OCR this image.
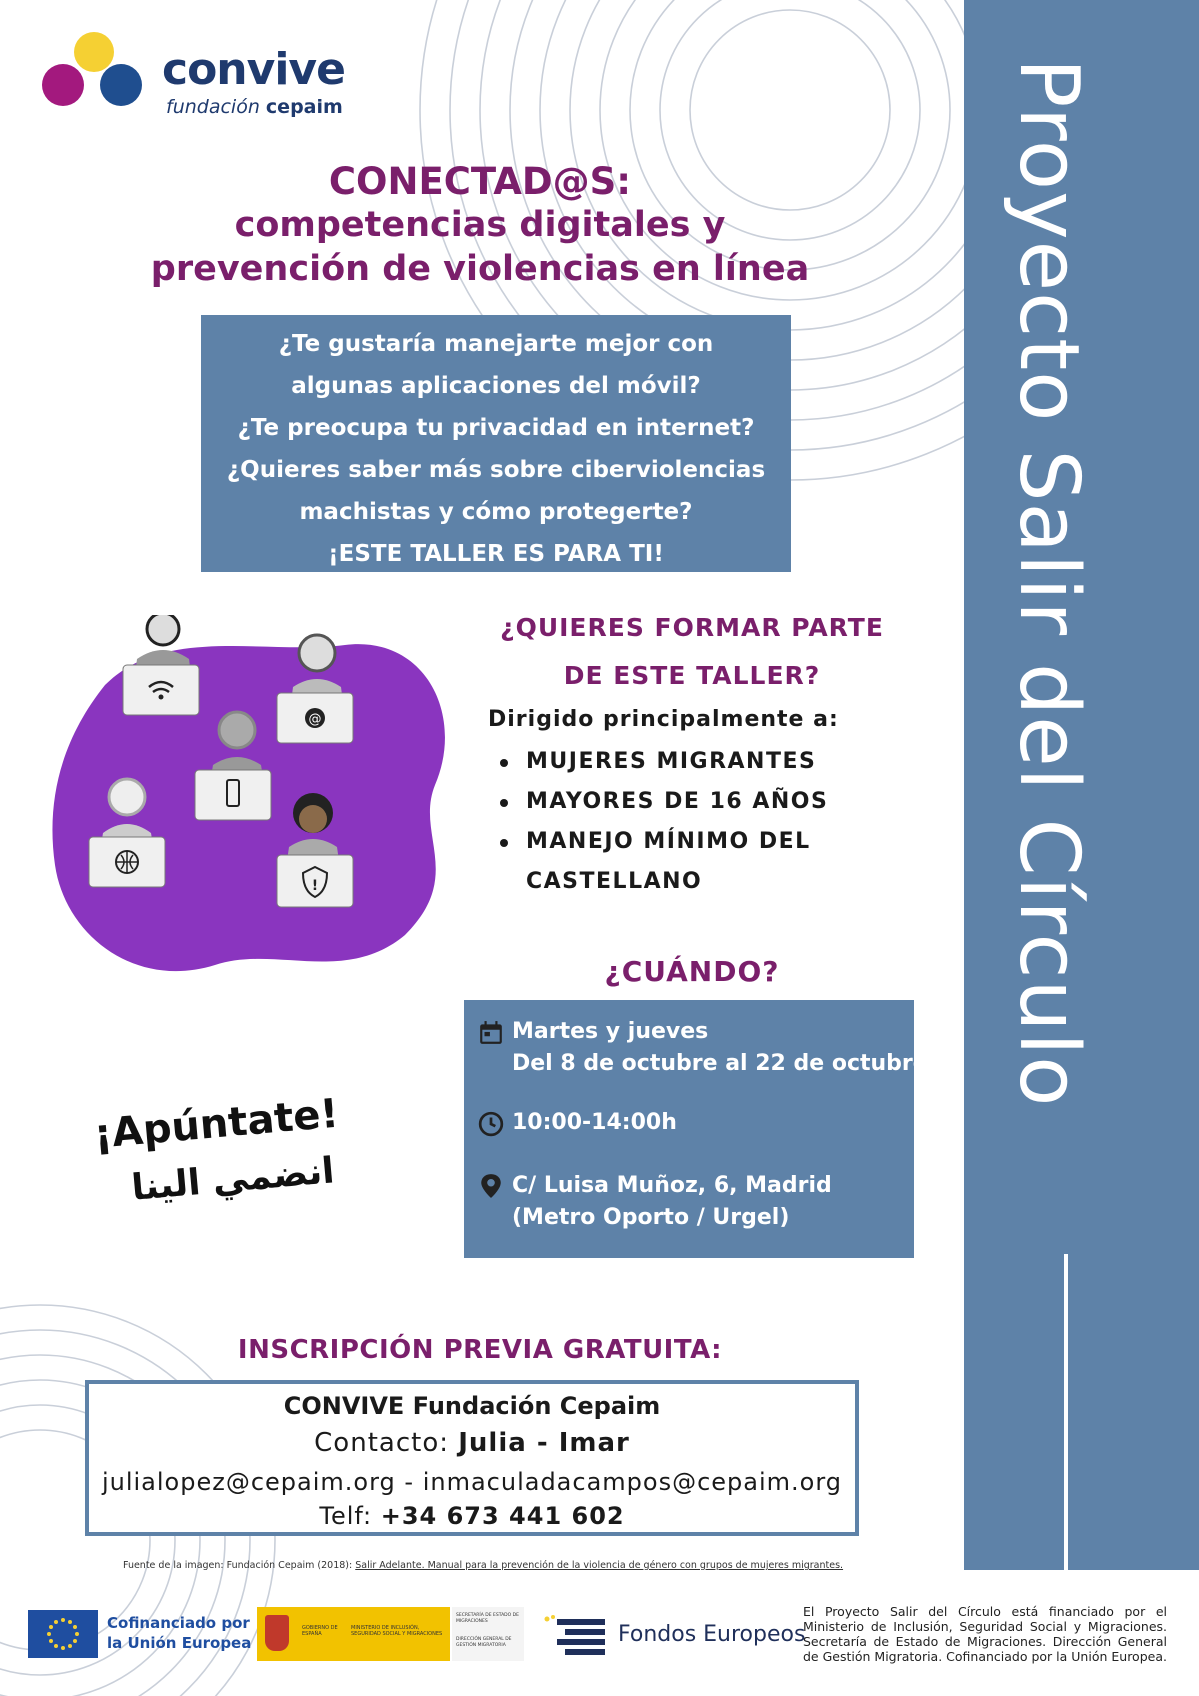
convive
fundación cepaim
CONECTAD@S:
competencias digitales y
prevención de violencias en línea
¿Te gustaría manejarte mejor con
algunas aplicaciones del móvil?
¿Te preocupa tu privacidad en internet?
¿Quieres saber más sobre ciberviolencias
machistas y cómo protegerte?
¡ESTE TALLER ES PARA TI!	Proyecto Salir del Círculo
@
!
¿QUIERES FORMAR PARTE
DE ESTE TALLER?
Dirigido principalmente a:
MUJERES MIGRANTES
MAYORES DE 16 AÑOS
MANEJO MÍNIMO DEL
CASTELLANO
¿CUÁNDO?
Martes y jueves
Del 8 de octubre al 22 de octubre
10:00-14:00h
C/ Luisa Muñoz, 6, Madrid
(Metro Oporto / Urgel)
¡Apúntate!
انضمي الينا
INSCRIPCIÓN PREVIA GRATUITA:
CONVIVE Fundación Cepaim
Contacto: Julia - Imar
julialopez@cepaim.org - inmaculadacampos@cepaim.org
Telf: +34 673 441 602
Fuente de la imagen: Fundación Cepaim (2018): Salir Adelante. Manual para la prevención de la violencia de género con grupos de mujeres migrantes.
Cofinanciado por
la Unión Europea
GOBIERNO DE ESPAÑA
MINISTERIO DE INCLUSIÓN, SEGURIDAD SOCIAL Y MIGRACIONES
SECRETARÍA DE ESTADO DE MIGRACIONES
DIRECCIÓN GENERAL DE GESTIÓN MIGRATORIA	Fondos Europeos
El Proyecto Salir del Círculo está financiado por el Ministerio de Inclusión, Seguridad Social y Migraciones. Secretaría de Estado de Migraciones. Dirección General de Gestión Migratoria. Cofinanciado por la Unión Europea.
